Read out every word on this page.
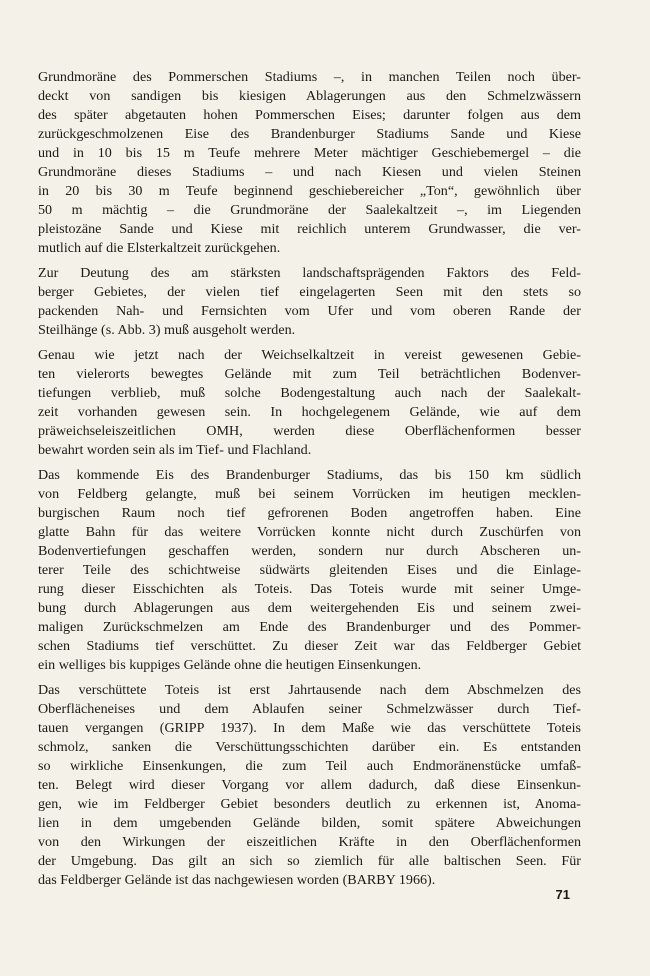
Grundmoräne des Pommerschen Stadiums –, in manchen Teilen noch über-
deckt von sandigen bis kiesigen Ablagerungen aus den Schmelzwässern
des später abgetauten hohen Pommerschen Eises; darunter folgen aus dem
zurückgeschmolzenen Eise des Brandenburger Stadiums Sande und Kiese
und in 10 bis 15 m Teufe mehrere Meter mächtiger Geschiebemergel – die
Grundmoräne dieses Stadiums – und nach Kiesen und vielen Steinen
in 20 bis 30 m Teufe beginnend geschiebereicher „Ton“, gewöhnlich über
50 m mächtig – die Grundmoräne der Saalekaltzeit –, im Liegenden
pleistozäne Sande und Kiese mit reichlich unterem Grundwasser, die ver-
mutlich auf die Elsterkaltzeit zurückgehen.
Zur Deutung des am stärksten landschaftsprägenden Faktors des Feld-
berger Gebietes, der vielen tief eingelagerten Seen mit den stets so
packenden Nah- und Fernsichten vom Ufer und vom oberen Rande der
Steilhänge (s. Abb. 3) muß ausgeholt werden.
Genau wie jetzt nach der Weichselkaltzeit in vereist gewesenen Gebie-
ten vielerorts bewegtes Gelände mit zum Teil beträchtlichen Bodenver-
tiefungen verblieb, muß solche Bodengestaltung auch nach der Saalekalt-
zeit vorhanden gewesen sein. In hochgelegenem Gelände, wie auf dem
präweichseleiszeitlichen OMH, werden diese Oberflächenformen besser
bewahrt worden sein als im Tief- und Flachland.
Das kommende Eis des Brandenburger Stadiums, das bis 150 km südlich
von Feldberg gelangte, muß bei seinem Vorrücken im heutigen mecklen-
burgischen Raum noch tief gefrorenen Boden angetroffen haben. Eine
glatte Bahn für das weitere Vorrücken konnte nicht durch Zuschürfen von
Bodenvertiefungen geschaffen werden, sondern nur durch Abscheren un-
terer Teile des schichtweise südwärts gleitenden Eises und die Einlage-
rung dieser Eisschichten als Toteis. Das Toteis wurde mit seiner Umge-
bung durch Ablagerungen aus dem weitergehenden Eis und seinem zwei-
maligen Zurückschmelzen am Ende des Brandenburger und des Pommer-
schen Stadiums tief verschüttet. Zu dieser Zeit war das Feldberger Gebiet
ein welliges bis kuppiges Gelände ohne die heutigen Einsenkungen.
Das verschüttete Toteis ist erst Jahrtausende nach dem Abschmelzen des
Oberflächeneises und dem Ablaufen seiner Schmelzwässer durch Tief-
tauen vergangen (GRIPP 1937). In dem Maße wie das verschüttete Toteis
schmolz, sanken die Verschüttungsschichten darüber ein. Es entstanden
so wirkliche Einsenkungen, die zum Teil auch Endmoränenstücke umfaß-
ten. Belegt wird dieser Vorgang vor allem dadurch, daß diese Einsenkun-
gen, wie im Feldberger Gebiet besonders deutlich zu erkennen ist, Anoma-
lien in dem umgebenden Gelände bilden, somit spätere Abweichungen
von den Wirkungen der eiszeitlichen Kräfte in den Oberflächenformen
der Umgebung. Das gilt an sich so ziemlich für alle baltischen Seen. Für
das Feldberger Gelände ist das nachgewiesen worden (BARBY 1966).
71
